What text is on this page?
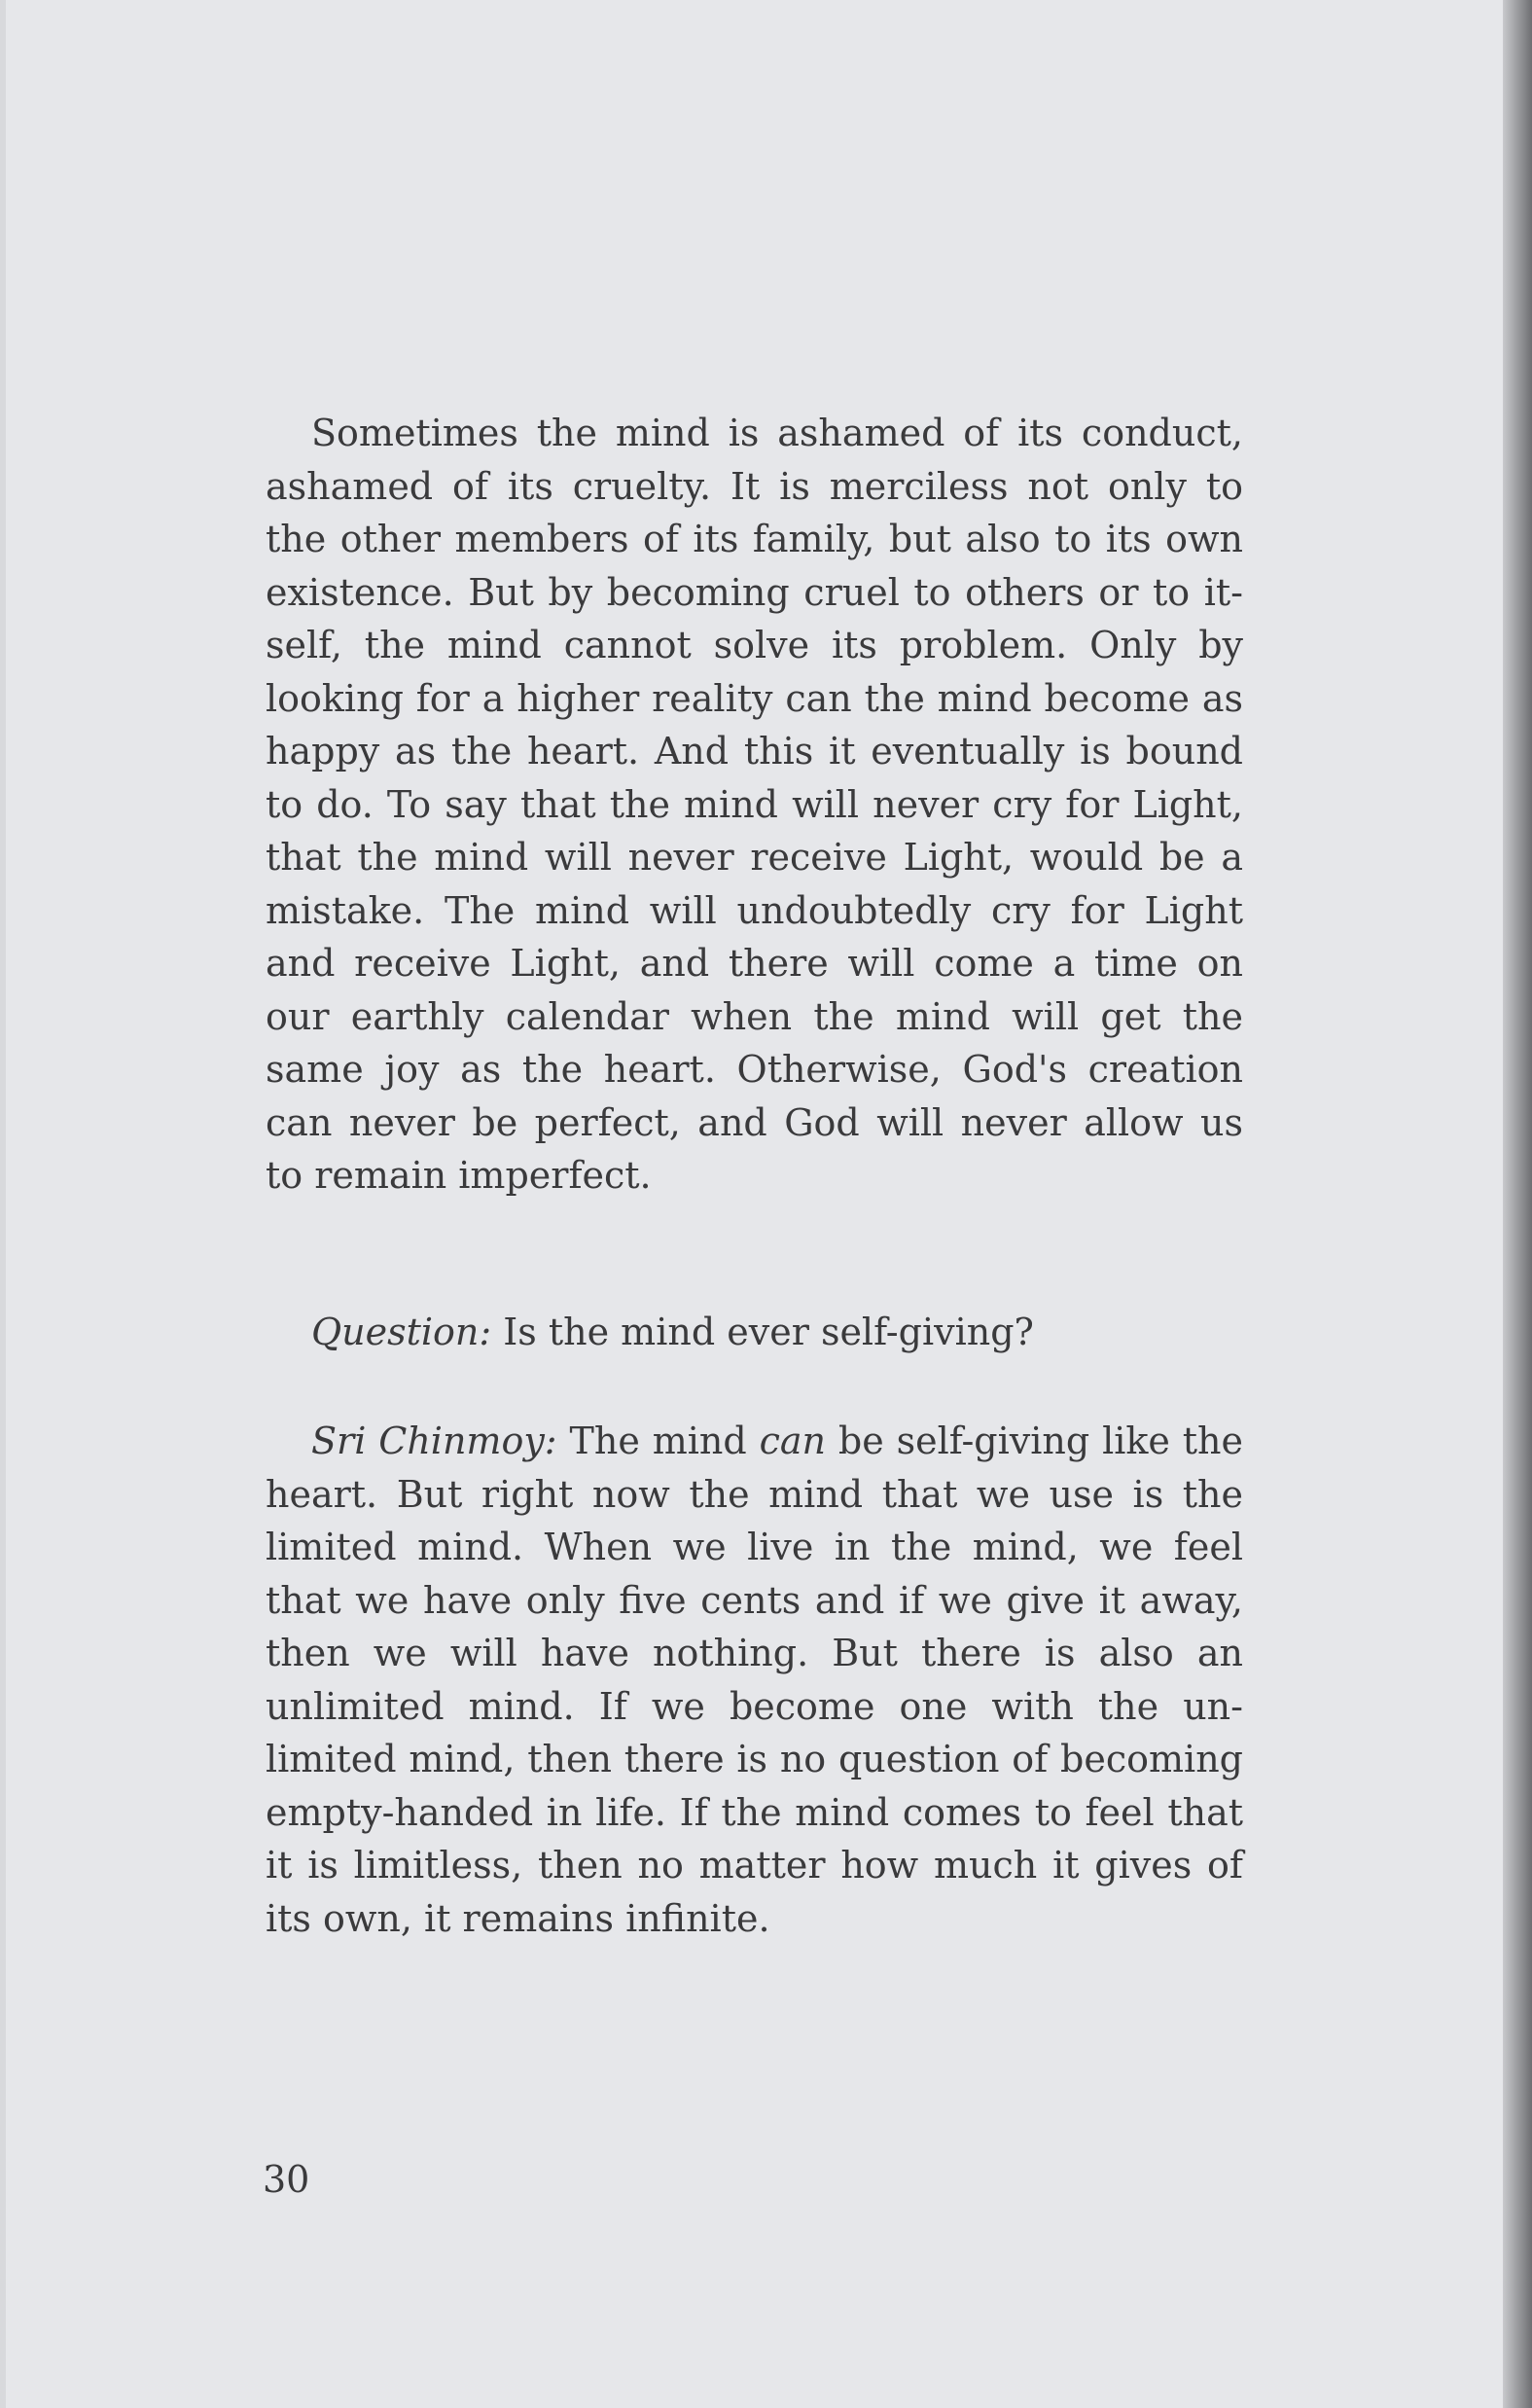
Sometimes the mind is ashamed of its conduct, ashamed of its cruelty. It is merciless not only to the other members of its family, but also to its own existence. But by becoming cruel to others or to itself, the mind cannot solve its problem. Only by looking for a higher reality can the mind become as happy as the heart. And this it eventually is bound to do. To say that the mind will never cry for Light, that the mind will never receive Light, would be a mistake. The mind will undoubtedly cry for Light and receive Light, and there will come a time on our earthly calendar when the mind will get the same joy as the heart. Otherwise, God's creation can never be perfect, and God will never allow us to remain imperfect.

Question: Is the mind ever self-giving?

Sri Chinmoy: The mind can be self-giving like the heart. But right now the mind that we use is the limited mind. When we live in the mind, we feel that we have only five cents and if we give it away, then we will have nothing. But there is also an unlimited mind. If we become one with the unlimited mind, then there is no question of becoming empty-handed in life. If the mind comes to feel that it is limitless, then no matter how much it gives of its own, it remains infinite.

30
